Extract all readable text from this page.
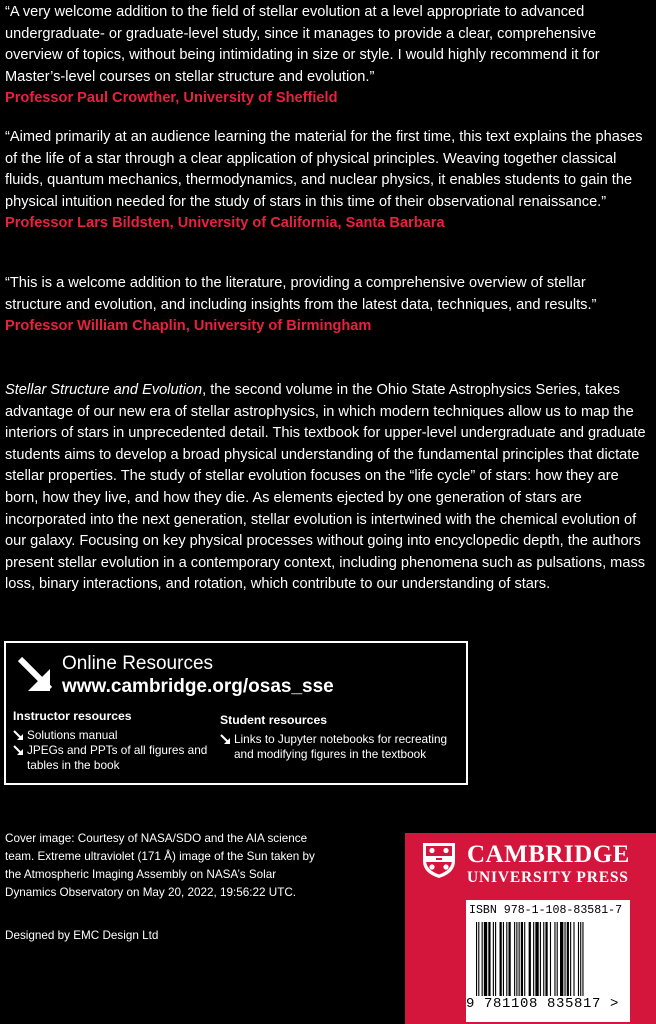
“A very welcome addition to the field of stellar evolution at a level appropriate to advanced undergraduate- or graduate-level study, since it manages to provide a clear, comprehensive overview of topics, without being intimidating in size or style. I would highly recommend it for Master’s-level courses on stellar structure and evolution.”
Professor Paul Crowther, University of Sheffield
“Aimed primarily at an audience learning the material for the first time, this text explains the phases of the life of a star through a clear application of physical principles. Weaving together classical fluids, quantum mechanics, thermodynamics, and nuclear physics, it enables students to gain the physical intuition needed for the study of stars in this time of their observational renaissance.”
Professor Lars Bildsten, University of California, Santa Barbara
“This is a welcome addition to the literature, providing a comprehensive overview of stellar structure and evolution, and including insights from the latest data, techniques, and results.”
Professor William Chaplin, University of Birmingham
Stellar Structure and Evolution, the second volume in the Ohio State Astrophysics Series, takes advantage of our new era of stellar astrophysics, in which modern techniques allow us to map the interiors of stars in unprecedented detail. This textbook for upper-level undergraduate and graduate students aims to develop a broad physical understanding of the fundamental principles that dictate stellar properties. The study of stellar evolution focuses on the “life cycle” of stars: how they are born, how they live, and how they die. As elements ejected by one generation of stars are incorporated into the next generation, stellar evolution is intertwined with the chemical evolution of our galaxy. Focusing on key physical processes without going into encyclopedic depth, the authors present stellar evolution in a contemporary context, including phenomena such as pulsations, mass loss, binary interactions, and rotation, which contribute to our understanding of stars.
Online Resources
www.cambridge.org/osas_sse
Instructor resources
Solutions manual
JPEGs and PPTs of all figures and tables in the book
Student resources
Links to Jupyter notebooks for recreating and modifying figures in the textbook
Cover image: Courtesy of NASA/SDO and the AIA science team. Extreme ultraviolet (171 Å) image of the Sun taken by the Atmospheric Imaging Assembly on NASA’s Solar Dynamics Observatory on May 20, 2022, 19:56:22 UTC.
Designed by EMC Design Ltd
CAMBRIDGE
UNIVERSITY PRESS
ISBN 978-1-108-83581-7
9 781108 835817 >
